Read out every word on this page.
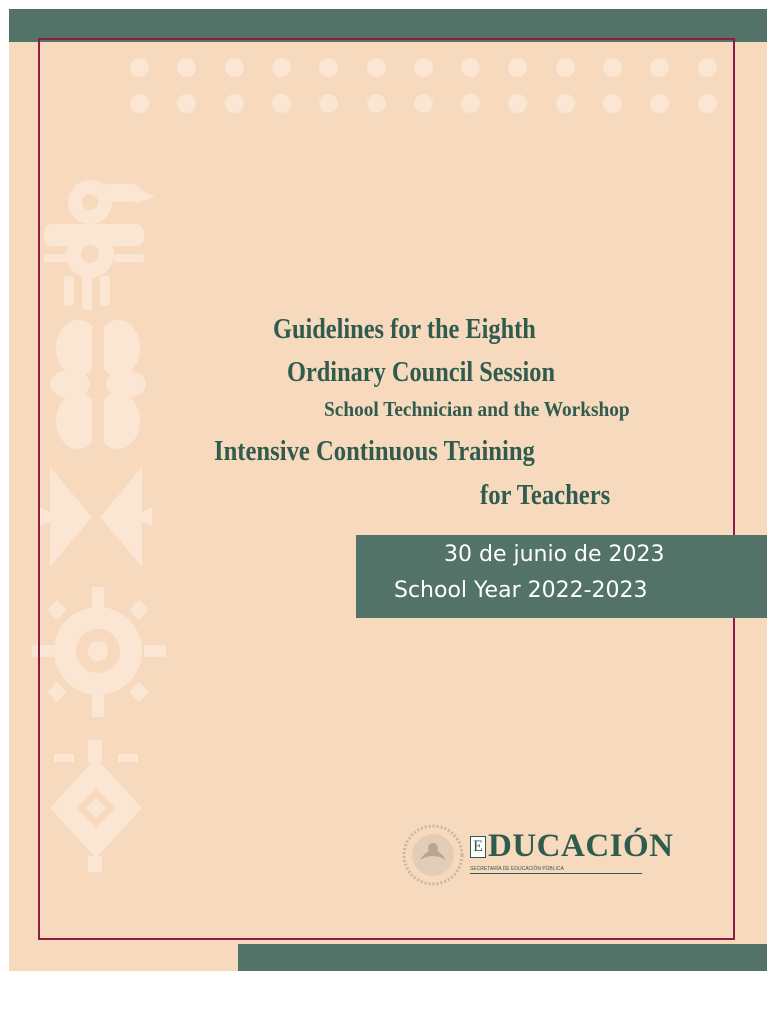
Guidelines for the Eighth
Ordinary Council Session
School Technician and the Workshop
Intensive Continuous Training
for Teachers
30 de junio de 2023
School Year 2022-2023
E DUCACIÓN
SECRETARÍA DE EDUCACIÓN PÚBLICA
